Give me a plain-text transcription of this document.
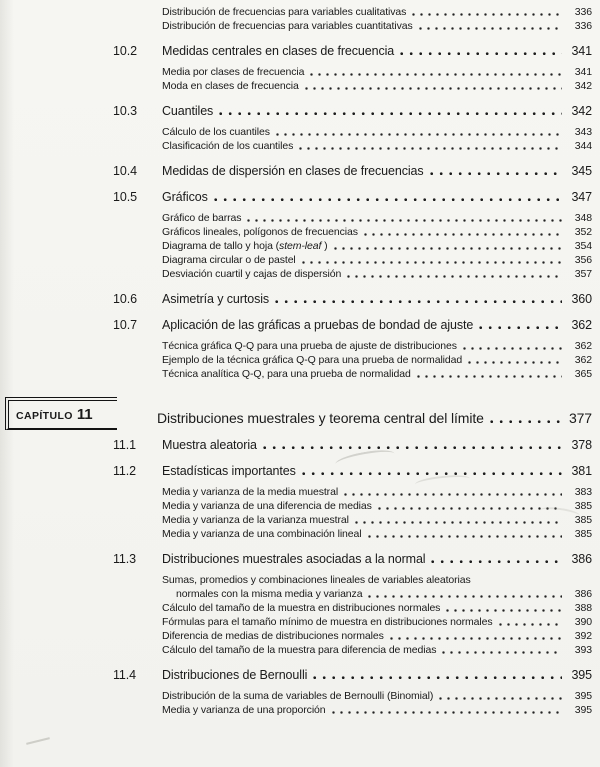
Distribución de frecuencias para variables cualitativas	336
Distribución de frecuencias para variables cuantitativas	336
10.2	Medidas centrales en clases de frecuencia	341
Media por clases de frecuencia	341
Moda en clases de frecuencia	342
10.3	Cuantiles	342
Cálculo de los cuantiles	343
Clasificación de los cuantiles	344
10.4	Medidas de dispersión en clases de frecuencias	345
10.5	Gráficos	347
Gráfico de barras	348
Gráficos lineales, polígonos de frecuencias	352
Diagrama de tallo y hoja (stem-leaf )	354
Diagrama circular o de pastel	356
Desviación cuartil y cajas de dispersión	357
10.6	Asimetría y curtosis	360
10.7	Aplicación de las gráficas a pruebas de bondad de ajuste	362
Técnica gráfica Q-Q para una prueba de ajuste de distribuciones	362
Ejemplo de la técnica gráfica Q-Q para una prueba de normalidad	362
Técnica analítica Q-Q, para una prueba de normalidad	365
CAPÍTULO 11	Distribuciones muestrales y teorema central del límite	377
11.1	Muestra aleatoria	378
11.2	Estadísticas importantes	381
Media y varianza de la media muestral	383
Media y varianza de una diferencia de medias	385
Media y varianza de la varianza muestral	385
Media y varianza de una combinación lineal	385
11.3	Distribuciones muestrales asociadas a la normal	386
Sumas, promedios y combinaciones lineales de variables aleatorias
normales con la misma media y varianza	386
Cálculo del tamaño de la muestra en distribuciones normales	388
Fórmulas para el tamaño mínimo de muestra en distribuciones normales	390
Diferencia de medias de distribuciones normales	392
Cálculo del tamaño de la muestra para diferencia de medias	393
11.4	Distribuciones de Bernoulli	395
Distribución de la suma de variables de Bernoulli (Binomial)	395
Media y varianza de una proporción	395
